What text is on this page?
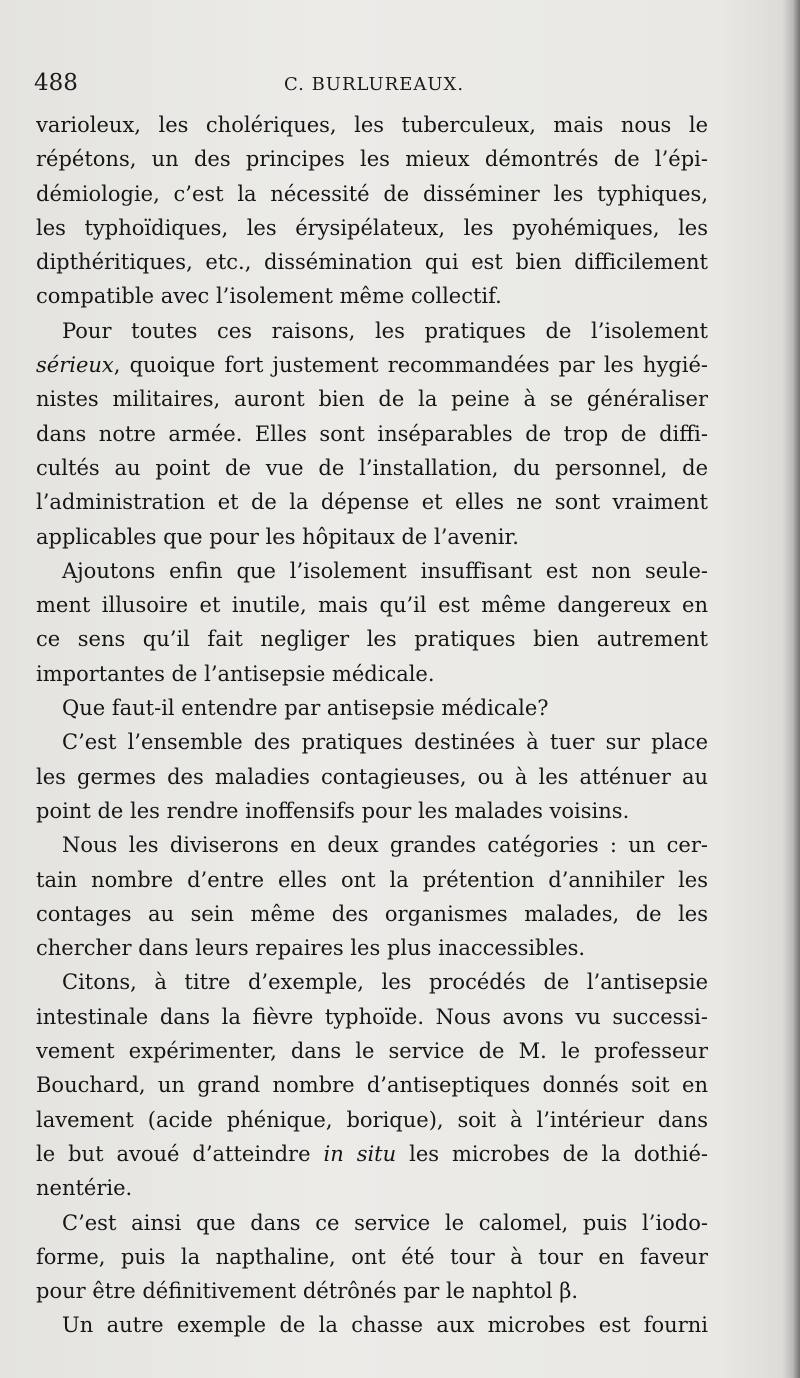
488	C. BURLUREAUX.
varioleux, les cholériques, les tuberculeux, mais nous le
répétons, un des principes les mieux démontrés de l’épi-
démiologie, c’est la nécessité de disséminer les typhiques,
les typhoïdiques, les érysipélateux, les pyohémiques, les
dipthéritiques, etc., dissémination qui est bien difficilement
compatible avec l’isolement même collectif.
Pour toutes ces raisons, les pratiques de l’isolement
sérieux, quoique fort justement recommandées par les hygié-
nistes militaires, auront bien de la peine à se généraliser
dans notre armée. Elles sont inséparables de trop de diffi-
cultés au point de vue de l’installation, du personnel, de
l’administration et de la dépense et elles ne sont vraiment
applicables que pour les hôpitaux de l’avenir.
Ajoutons enfin que l’isolement insuffisant est non seule-
ment illusoire et inutile, mais qu’il est même dangereux en
ce sens qu’il fait negliger les pratiques bien autrement
importantes de l’antisepsie médicale.
Que faut-il entendre par antisepsie médicale?
C’est l’ensemble des pratiques destinées à tuer sur place
les germes des maladies contagieuses, ou à les atténuer au
point de les rendre inoffensifs pour les malades voisins.
Nous les diviserons en deux grandes catégories : un cer-
tain nombre d’entre elles ont la prétention d’annihiler les
contages au sein même des organismes malades, de les
chercher dans leurs repaires les plus inaccessibles.
Citons, à titre d’exemple, les procédés de l’antisepsie
intestinale dans la fièvre typhoïde. Nous avons vu successi-
vement expérimenter, dans le service de M. le professeur
Bouchard, un grand nombre d’antiseptiques donnés soit en
lavement (acide phénique, borique), soit à l’intérieur dans
le but avoué d’atteindre in situ les microbes de la dothié-
nentérie.
C’est ainsi que dans ce service le calomel, puis l’iodo-
forme, puis la napthaline, ont été tour à tour en faveur
pour être définitivement détrônés par le naphtol β.
Un autre exemple de la chasse aux microbes est fourni
